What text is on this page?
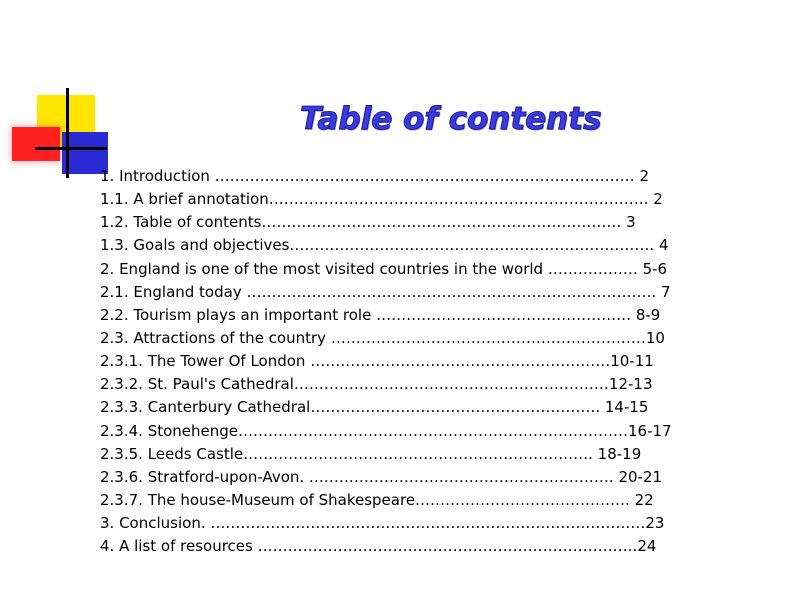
Table of contents
1. Introduction ………………………………………………………………………… 2
1.1. A brief annotation…………………………………………………………………. 2
1.2. Table of contents……………………………………………………………… 3
1.3. Goals and objectives………………………………………………………………. 4
2. England is one of the most visited countries in the world ……………… 5-6
2.1. England today ………………………………………………………………………. 7
2.2. Tourism plays an important role …………………………………………… 8-9
2.3. Attractions of the country ………………………………………………………10
2.3.1. The Tower Of London ……………………………………………………10-11
2.3.2. St. Paul's Cathedral………………………………………………………12-13
2.3.3. Canterbury Cathedral…………………………………………………. 14-15
2.3.4. Stonehenge……………………………………………………………………16-17
2.3.5. Leeds Castle……………………………………………………………. 18-19
2.3.6. Stratford-upon-Avon. ……………………………………………………. 20-21
2.3.7. The house-Museum of Shakespeare……………………………………. 22
3. Conclusion. ……………………………………………………………………………23
4. A list of resources ………………………………………………………………….24
